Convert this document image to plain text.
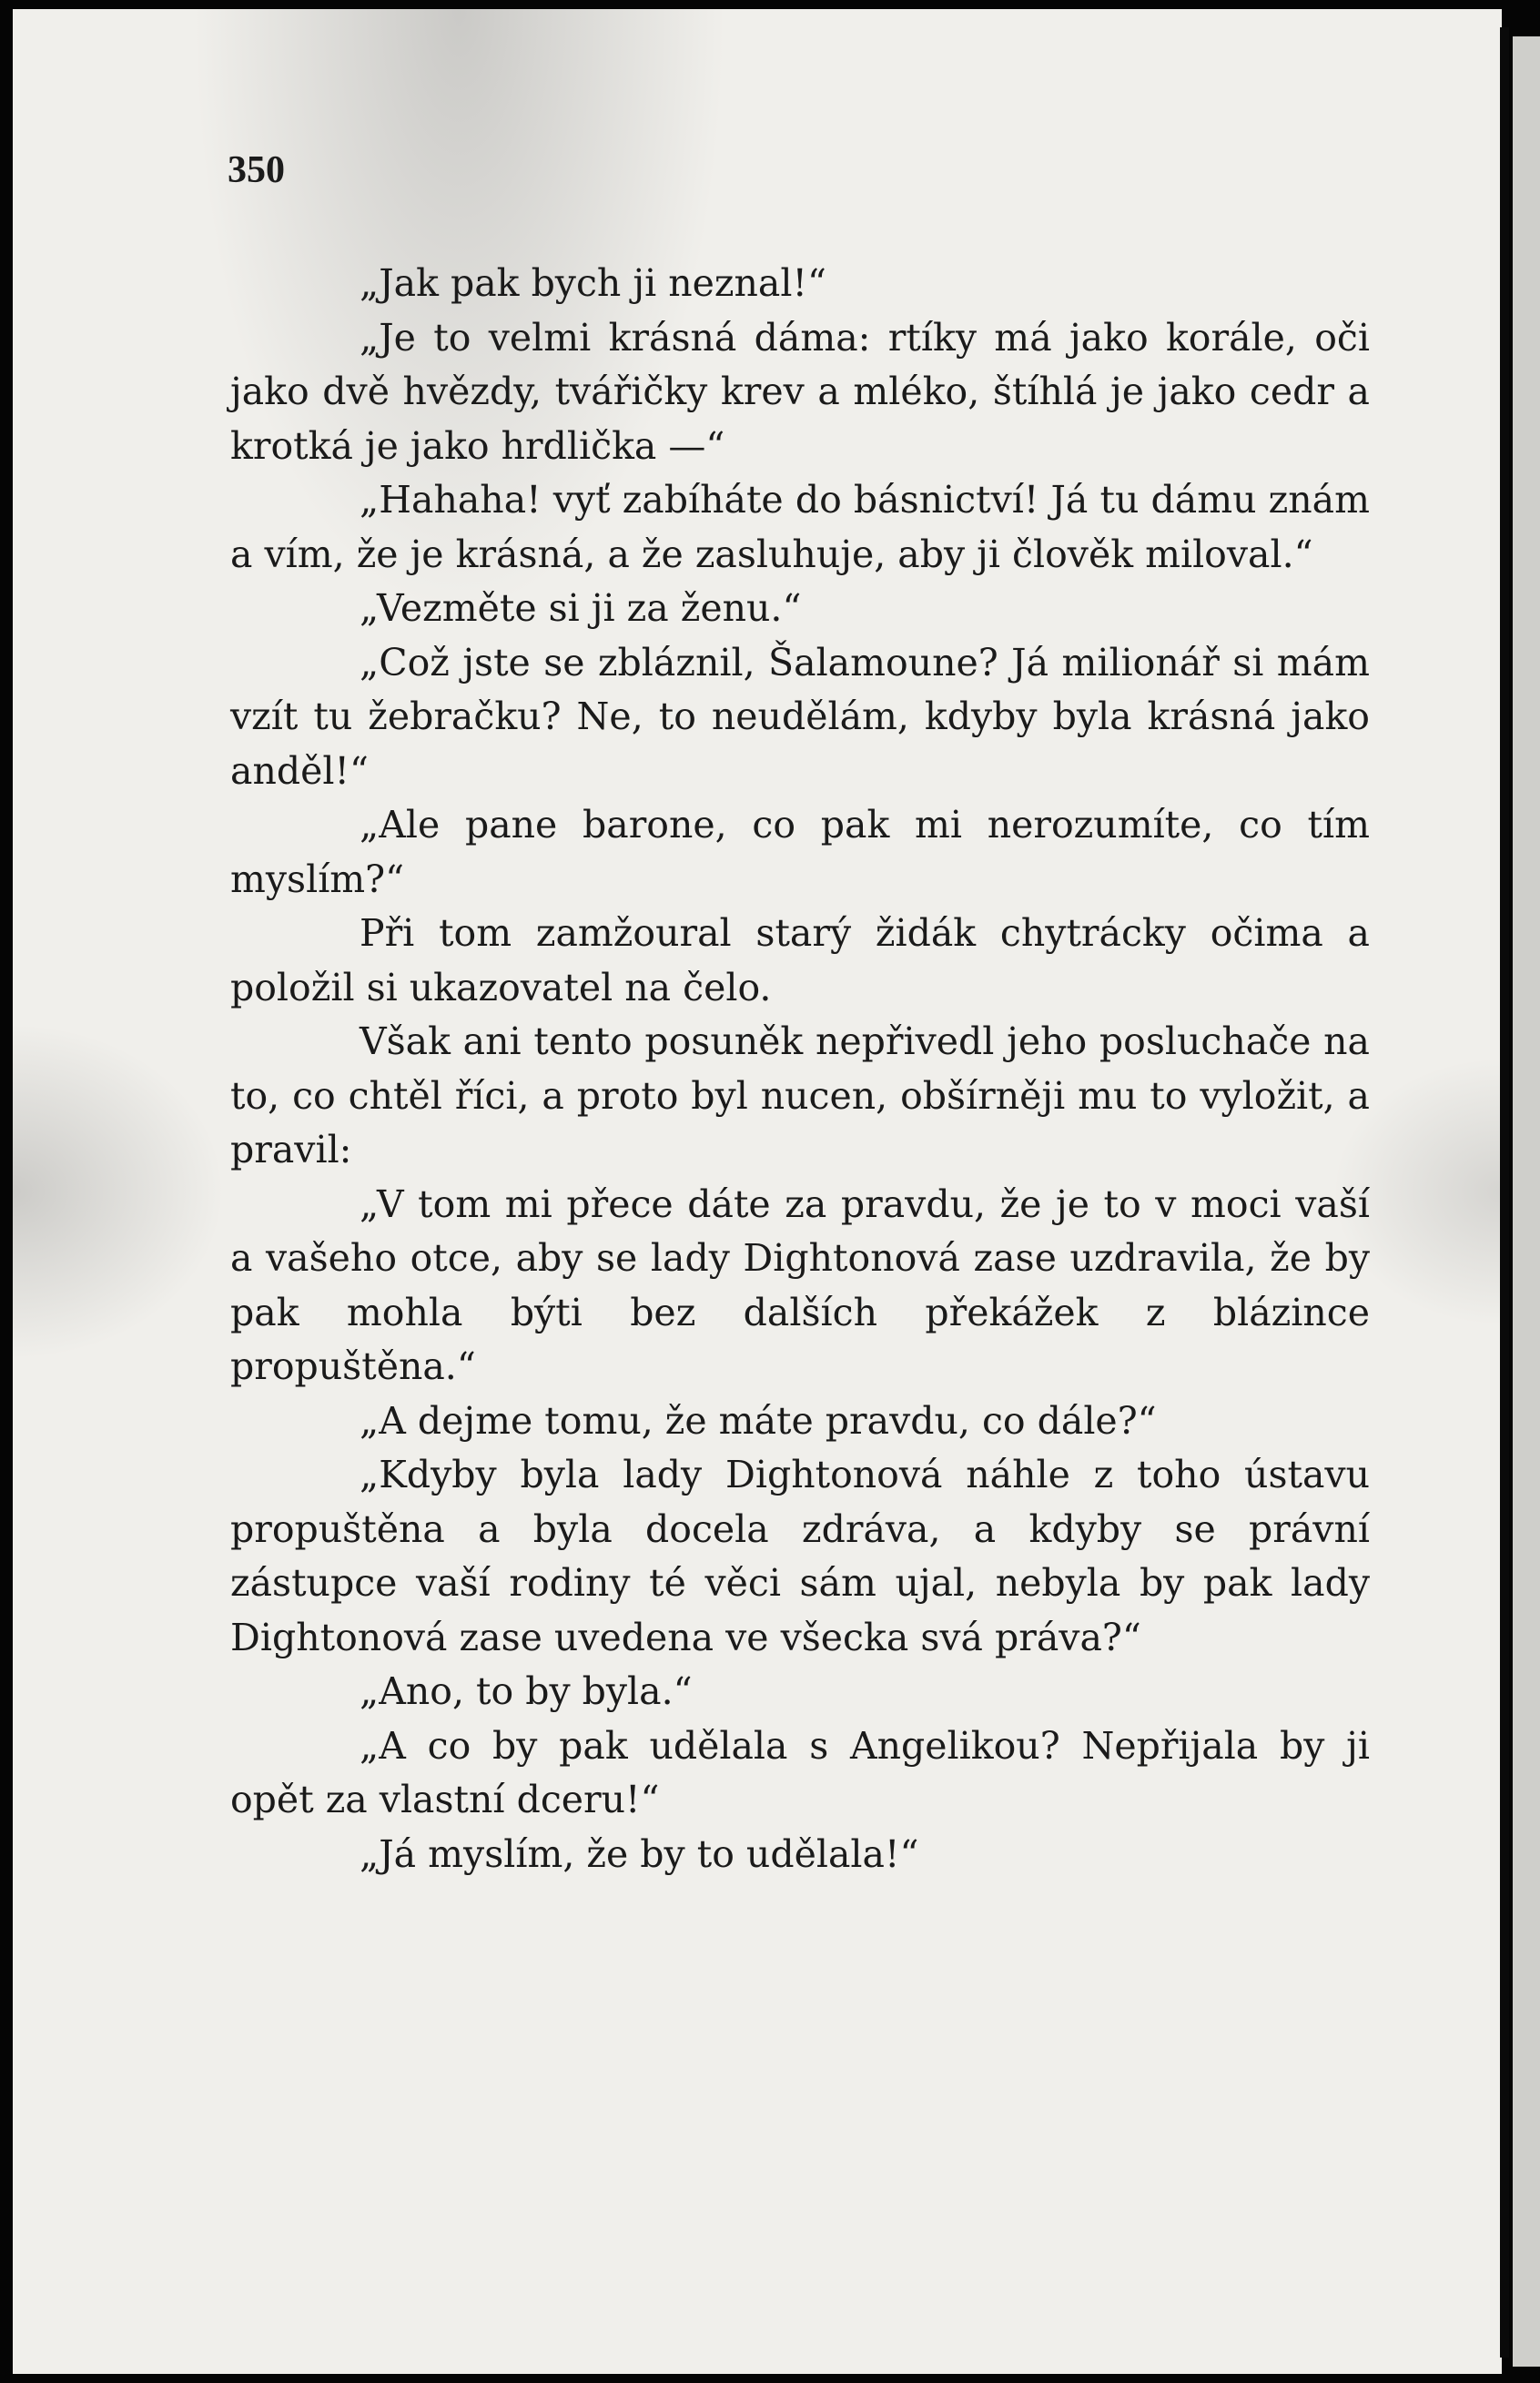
350

„Jak pak bych ji neznal!“

„Je to velmi krásná dáma: rtíky má jako korále, oči jako dvě hvězdy, tvářičky krev a mléko, štíhlá je jako cedr a krotká je jako hrdlička —“

„Hahaha! vyť zabíháte do básnictví! Já tu dámu znám a vím, že je krásná, a že zasluhuje, aby ji člověk miloval.“

„Vezměte si ji za ženu.“

„Což jste se zbláznil, Šalamoune? Já milionář si mám vzít tu žebračku? Ne, to neudělám, kdyby byla krásná jako anděl!“

„Ale pane barone, co pak mi nerozumíte, co tím myslím?“

Při tom zamžoural starý židák chytrácky očima a položil si ukazovatel na čelo.

Však ani tento posuněk nepřivedl jeho posluchače na to, co chtěl říci, a proto byl nucen, obšírněji mu to vyložit, a pravil:

„V tom mi přece dáte za pravdu, že je to v moci vaší a vašeho otce, aby se lady Dightonová zase uzdravila, že by pak mohla býti bez dalších překážek z blázince propuštěna.“

„A dejme tomu, že máte pravdu, co dále?“

„Kdyby byla lady Dightonová náhle z toho ústavu propuštěna a byla docela zdráva, a kdyby se právní zástupce vaší rodiny té věci sám ujal, nebyla by pak lady Dightonová zase uvedena ve všecka svá práva?“

„Ano, to by byla.“

„A co by pak udělala s Angelikou? Nepřijala by ji opět za vlastní dceru!“

„Já myslím, že by to udělala!“
